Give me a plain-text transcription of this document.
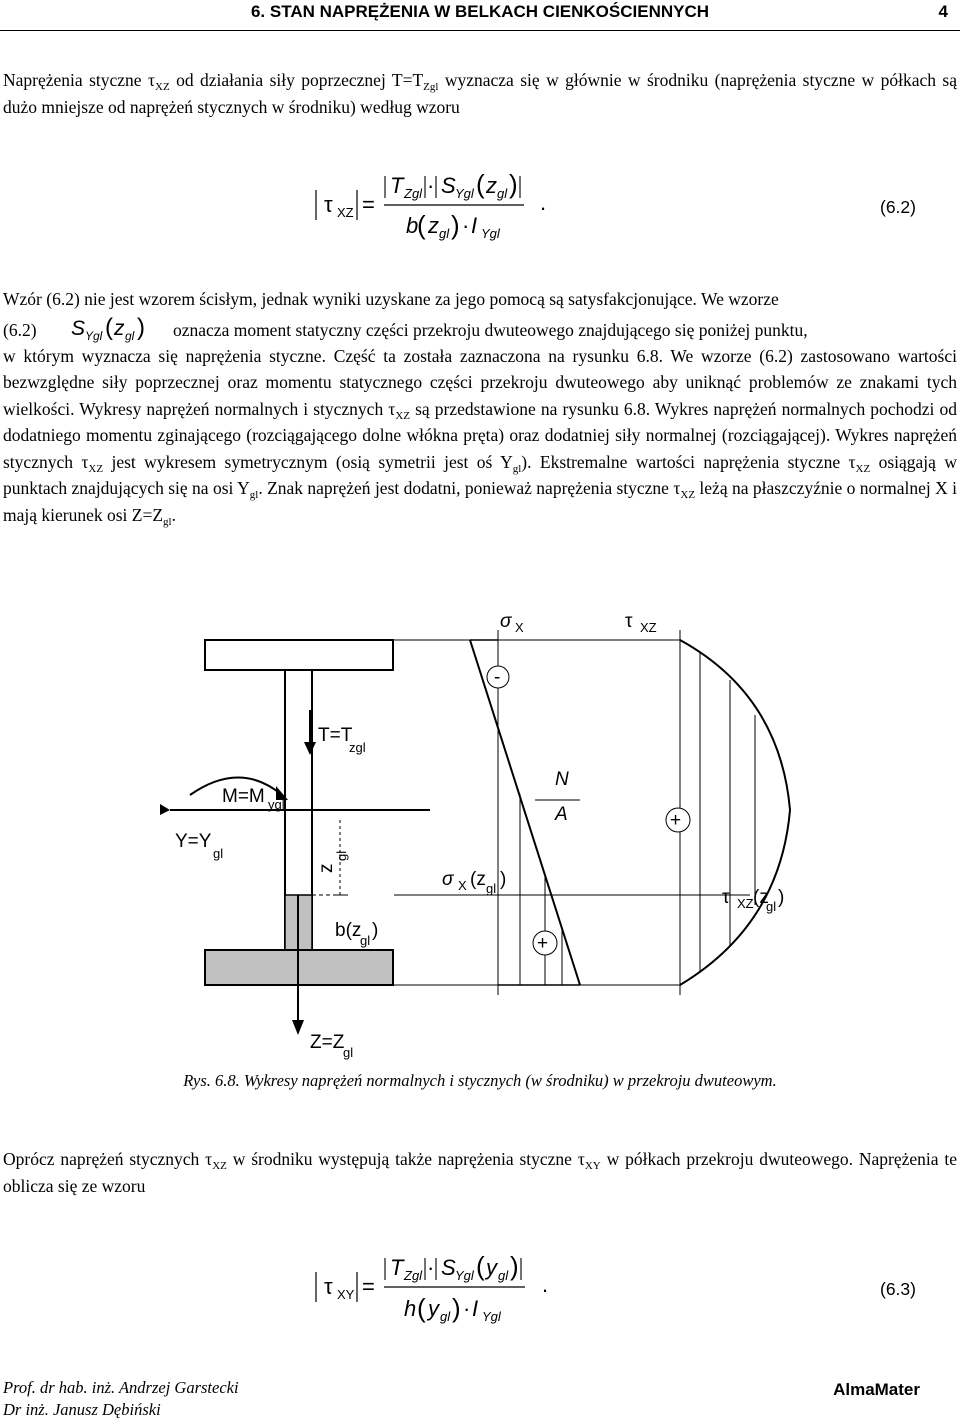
6. STAN NAPRĘŻENIA W BELKACH CIENKOŚCIENNYCH	4

Naprężenia styczne $\tau_{XZ}$ od działania siły poprzecznej $T=T_{Zgl}$ wyznacza się w głównie w środniku (naprężenia styczne w półkach są dużo mniejsze od naprężeń stycznych w środniku) według wzoru

τ XZ =
T Zgl · S Ygl ( z gl )
b
( z gl ) · I Ygl
.	(6.2)

Wzór (6.2) nie jest wzorem ścisłym, jednak wyniki uzyskane za jego pomocą są satysfakcjonujące. We wzorze

(6.2) S Ygl ( z gl ) oznacza moment statyczny części przekroju dwuteowego znajdującego się poniżej punktu,

w którym wyznacza się naprężenia styczne. Część ta została zaznaczona na rysunku 6.8. We wzorze (6.2) zastosowano wartości bezwzględne siły poprzecznej oraz momentu statycznego części przekroju dwuteowego aby uniknąć problemów ze znakami tych wielkości. Wykresy naprężeń normalnych i stycznych $\tau_{XZ}$ są przedstawione na rysunku 6.8. Wykres naprężeń normalnych pochodzi od dodatniego momentu zginającego (rozciągającego dolne włókna pręta) oraz dodatniej siły normalnej (rozciągającej). Wykres naprężeń stycznych $\tau_{XZ}$ jest wykresem symetrycznym (osią symetrii jest oś $Y_{gl}$). Ekstremalne wartości naprężenia styczne $\tau_{XZ}$ osiągają w punktach znajdujących się na osi $Y_{gl}$. Znak naprężeń jest dodatni, ponieważ naprężenia styczne $\tau_{XZ}$ leżą na płaszczyźnie o normalnej X i mają kierunek osi $Z=Z_{gl}$.

σ X	τ XZ
-
T=T
zgl
M=M ygl
N
A	+
Y=Y
gl
z
gl
σ X (z gl )
b(z
gl )
+
τ XZ (z
gl )
Z=Z
gl
Rys. 6.8. Wykresy naprężeń normalnych i stycznych (w środniku) w przekroju dwuteowym.

Oprócz naprężeń stycznych $\tau_{XZ}$ w środniku występują także naprężenia styczne $\tau_{XY}$ w półkach przekroju dwuteowego. Naprężenia te oblicza się ze wzoru

τ XY =
T Zgl · S Ygl ( y gl )
h ( y gl ) · I Ygl
.	(6.3)
Prof. dr hab. inż. Andrzej Garstecki
Dr inż. Janusz Dębiński
AlmaMater
